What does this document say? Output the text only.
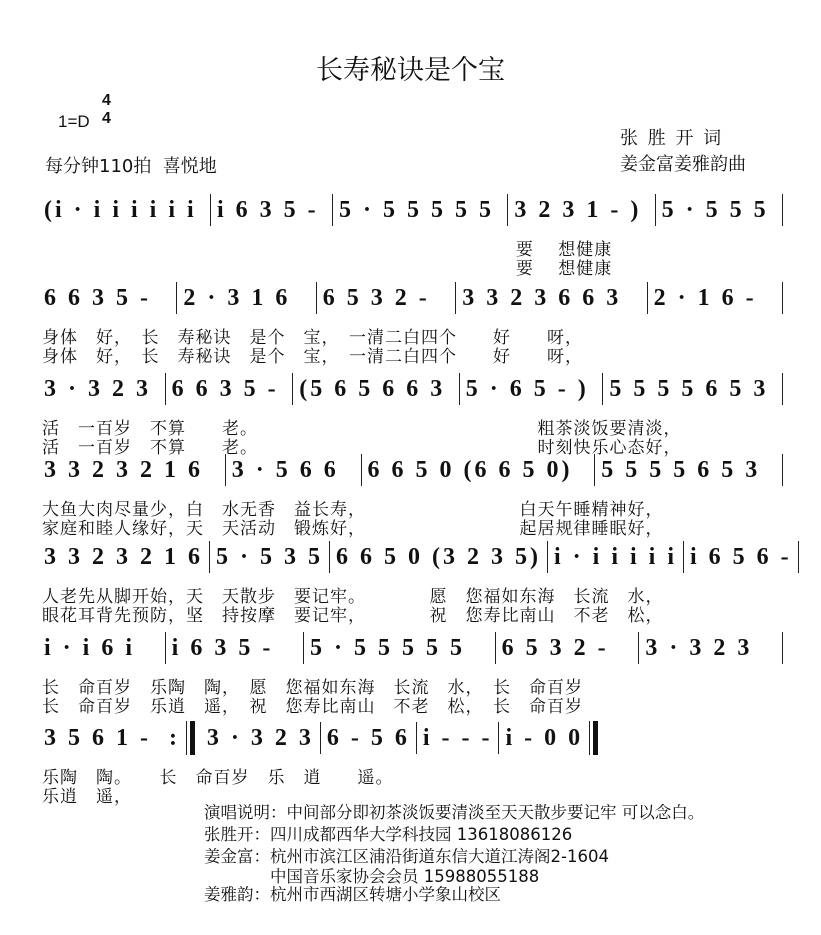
长寿秘诀是个宝
1=D
4
4
每分钟110拍  喜悦地
张 胜 开 词
姜金富姜雅韵曲
(i · i i i i i i i 6 3 5 - 5 · 5 5 5 5 5 3 2 3 1 - ) 5 · 5 5 5
要　 想健康
要　 想健康
6 6 3 5 -	2 · 3 1 6	6 5 3 2 -	3 3 2 3 6 6 3	2 · 1 6 -
身体　好，　长　寿秘诀　是个　宝，　一清二白四个　　好　　呀，
身体　好，　长　寿秘诀　是个　宝，　一清二白四个　　好　　呀，
3 · 3 2 3 6 6 3 5 - (5 6 5 6 6 3 5 · 6 5 - ) 5 5 5 5 6 5 3
活　一百岁　不算　　老。　　　　　　　　　　　　　　　　粗茶淡饭要清淡，
活　一百岁　不算　　老。　　　　　　　　　　　　　　　　时刻快乐心态好，
3 3 2 3 2 1 6	3 · 5 6 6	6 6 5 0 (6 6 5 0)	5 5 5 5 6 5 3
大鱼大肉尽量少，白　水无香　益长寿，　　　　　　　　　白天午睡精神好，
家庭和睦人缘好，天　天活动　锻炼好，　　　　　　　　　起居规律睡眠好，
3 3 2 3 2 1 6 5 · 5 3 5 6 6 5 0 (3 2 3 5) i · i i i i i i 6 5 6 -
人老先从脚开始，天　天散步　要记牢。　　　　愿　您福如东海　长流　水，
眼花耳背先预防，坚　持按摩　要记牢，　　　　祝　您寿比南山　不老　松，
i · i 6 i	i 6 3 5 -	5 · 5 5 5 5 5	6 5 3 2 -	3 · 3 2 3
长　命百岁　乐陶　陶，　愿　您福如东海　长流　水，　长　命百岁
长　命百岁　乐逍　遥，　祝　您寿比南山　不老　松，　长　命百岁
3 5 6 1 -  : 3 · 3 2 3 6 - 5 6 i - - - i - 0 0
乐陶　陶。　　长　命百岁　乐　逍　　遥。
乐逍　遥，
演唱说明：中间部分即初茶淡饭要清淡至天天散步要记牢 可以念白。
张胜开：四川成都西华大学科技园 13618086126
姜金富：杭州市滨江区浦沿街道东信大道江涛阁2-1604
　　　　中国音乐家协会会员 15988055188
姜雅韵：杭州市西湖区转塘小学象山校区
